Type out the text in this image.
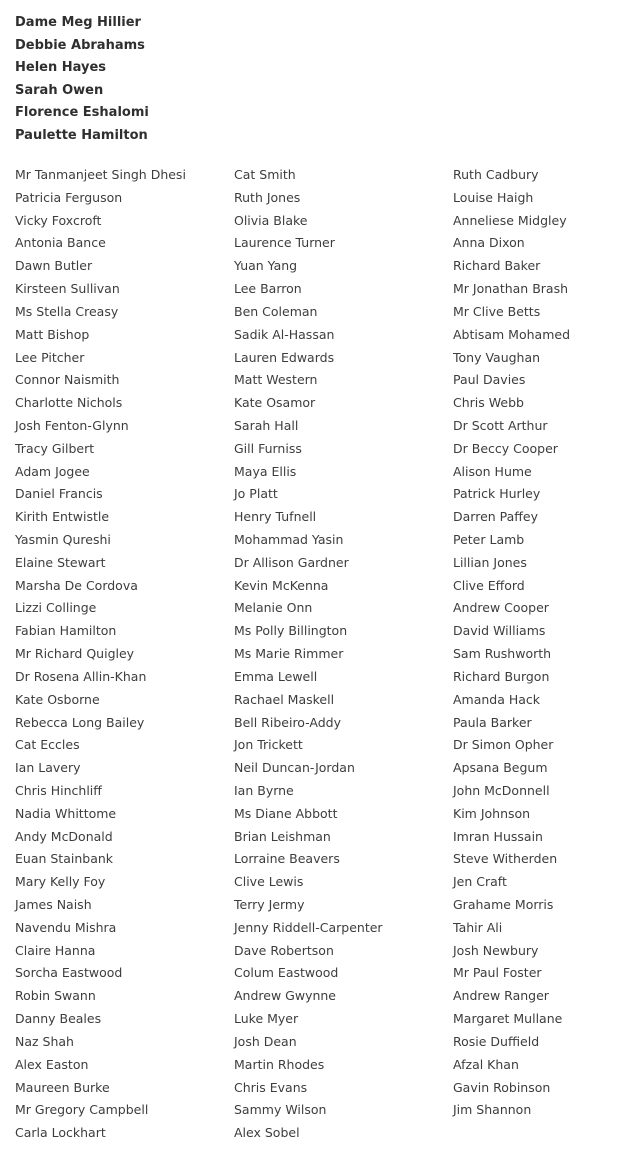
Dame Meg Hillier
Debbie Abrahams
Helen Hayes
Sarah Owen
Florence Eshalomi
Paulette Hamilton
Mr Tanmanjeet Singh Dhesi
Patricia Ferguson
Vicky Foxcroft
Antonia Bance
Dawn Butler
Kirsteen Sullivan
Ms Stella Creasy
Matt Bishop
Lee Pitcher
Connor Naismith
Charlotte Nichols
Josh Fenton-Glynn
Tracy Gilbert
Adam Jogee
Daniel Francis
Kirith Entwistle
Yasmin Qureshi
Elaine Stewart
Marsha De Cordova
Lizzi Collinge
Fabian Hamilton
Mr Richard Quigley
Dr Rosena Allin-Khan
Kate Osborne
Rebecca Long Bailey
Cat Eccles
Ian Lavery
Chris Hinchliff
Nadia Whittome
Andy McDonald
Euan Stainbank
Mary Kelly Foy
James Naish
Navendu Mishra
Claire Hanna
Sorcha Eastwood
Robin Swann
Danny Beales
Naz Shah
Alex Easton
Maureen Burke
Mr Gregory Campbell
Carla Lockhart
Cat Smith
Ruth Jones
Olivia Blake
Laurence Turner
Yuan Yang
Lee Barron
Ben Coleman
Sadik Al-Hassan
Lauren Edwards
Matt Western
Kate Osamor
Sarah Hall
Gill Furniss
Maya Ellis
Jo Platt
Henry Tufnell
Mohammad Yasin
Dr Allison Gardner
Kevin McKenna
Melanie Onn
Ms Polly Billington
Ms Marie Rimmer
Emma Lewell
Rachael Maskell
Bell Ribeiro-Addy
Jon Trickett
Neil Duncan-Jordan
Ian Byrne
Ms Diane Abbott
Brian Leishman
Lorraine Beavers
Clive Lewis
Terry Jermy
Jenny Riddell-Carpenter
Dave Robertson
Colum Eastwood
Andrew Gwynne
Luke Myer
Josh Dean
Martin Rhodes
Chris Evans
Sammy Wilson
Alex Sobel
Ruth Cadbury
Louise Haigh
Anneliese Midgley
Anna Dixon
Richard Baker
Mr Jonathan Brash
Mr Clive Betts
Abtisam Mohamed
Tony Vaughan
Paul Davies
Chris Webb
Dr Scott Arthur
Dr Beccy Cooper
Alison Hume
Patrick Hurley
Darren Paffey
Peter Lamb
Lillian Jones
Clive Efford
Andrew Cooper
David Williams
Sam Rushworth
Richard Burgon
Amanda Hack
Paula Barker
Dr Simon Opher
Apsana Begum
John McDonnell
Kim Johnson
Imran Hussain
Steve Witherden
Jen Craft
Grahame Morris
Tahir Ali
Josh Newbury
Mr Paul Foster
Andrew Ranger
Margaret Mullane
Rosie Duffield
Afzal Khan
Gavin Robinson
Jim Shannon
